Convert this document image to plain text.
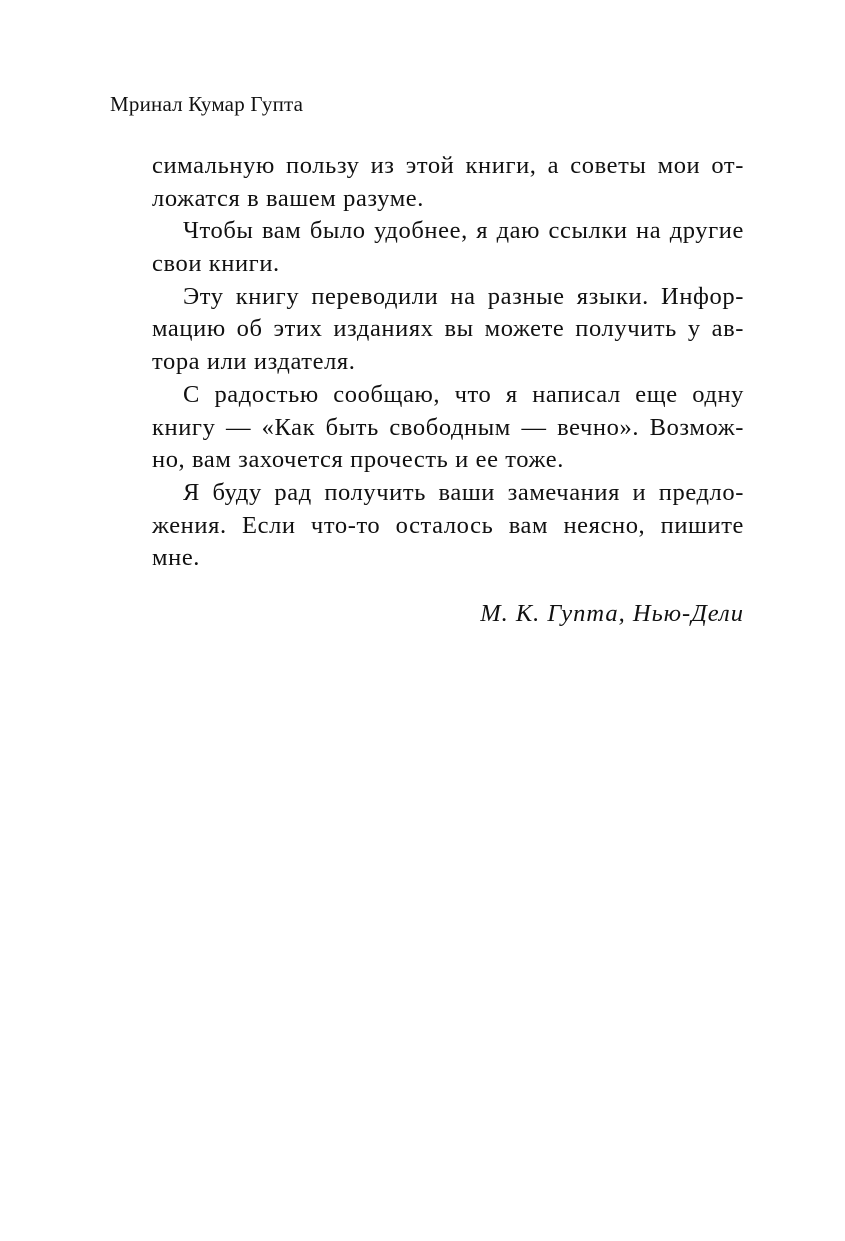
Мринал Кумар Гупта
симальную пользу из этой книги, а советы мои от-
ложатся в вашем разуме.
Чтобы вам было удобнее, я даю ссылки на другие
свои книги.
Эту книгу переводили на разные языки. Инфор-
мацию об этих изданиях вы можете получить у ав-
тора или издателя.
С радостью сообщаю, что я написал еще одну
книгу — «Как быть свободным — вечно». Возмож-
но, вам захочется прочесть и ее тоже.
Я буду рад получить ваши замечания и предло-
жения. Если что-то осталось вам неясно, пишите
мне.
М. К. Гупта, Нью-Дели
